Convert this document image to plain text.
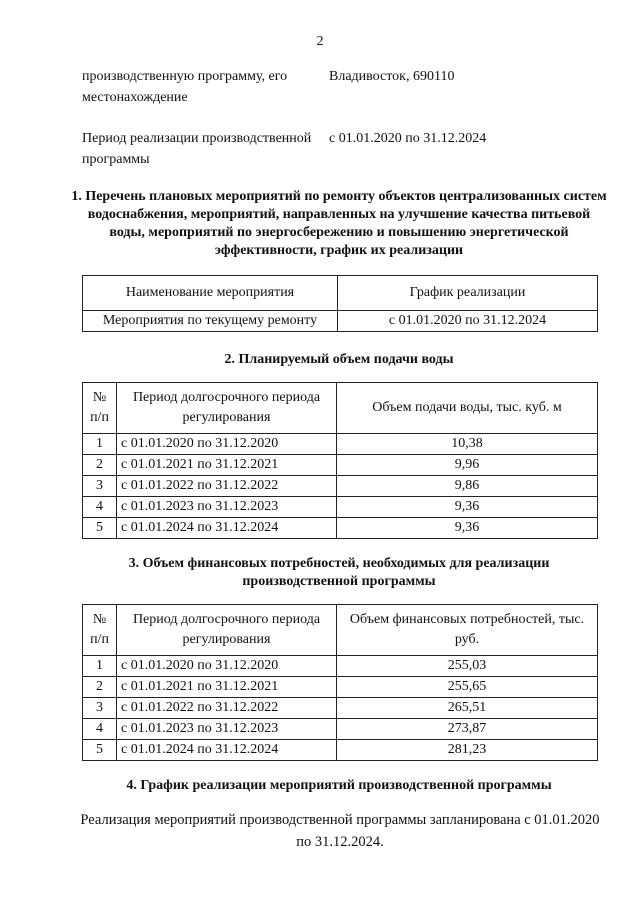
2
производственную программу, его местонахождение
Владивосток, 690110
Период реализации производственной программы
с 01.01.2020 по 31.12.2024
1. Перечень плановых мероприятий по ремонту объектов централизованных систем водоснабжения, мероприятий, направленных на улучшение качества питьевой воды, мероприятий по энергосбережению и повышению энергетической эффективности, график их реализации
Наименование мероприятия	График реализации
Мероприятия по текущему ремонту	с 01.01.2020 по 31.12.2024
2. Планируемый объем подачи воды
№ п/п	Период долгосрочного периода регулирования	Объем подачи воды, тыс. куб. м
1	с 01.01.2020 по 31.12.2020	10,38
2	с 01.01.2021 по 31.12.2021	9,96
3	с 01.01.2022 по 31.12.2022	9,86
4	с 01.01.2023 по 31.12.2023	9,36
5	с 01.01.2024 по 31.12.2024	9,36
3. Объем финансовых потребностей, необходимых для реализации производственной программы
№ п/п	Период долгосрочного периода регулирования	Объем финансовых потребностей, тыс. руб.
1	с 01.01.2020 по 31.12.2020	255,03
2	с 01.01.2021 по 31.12.2021	255,65
3	с 01.01.2022 по 31.12.2022	265,51
4	с 01.01.2023 по 31.12.2023	273,87
5	с 01.01.2024 по 31.12.2024	281,23
4. График реализации мероприятий производственной программы
Реализация мероприятий производственной программы запланирована с 01.01.2020 по 31.12.2024.
